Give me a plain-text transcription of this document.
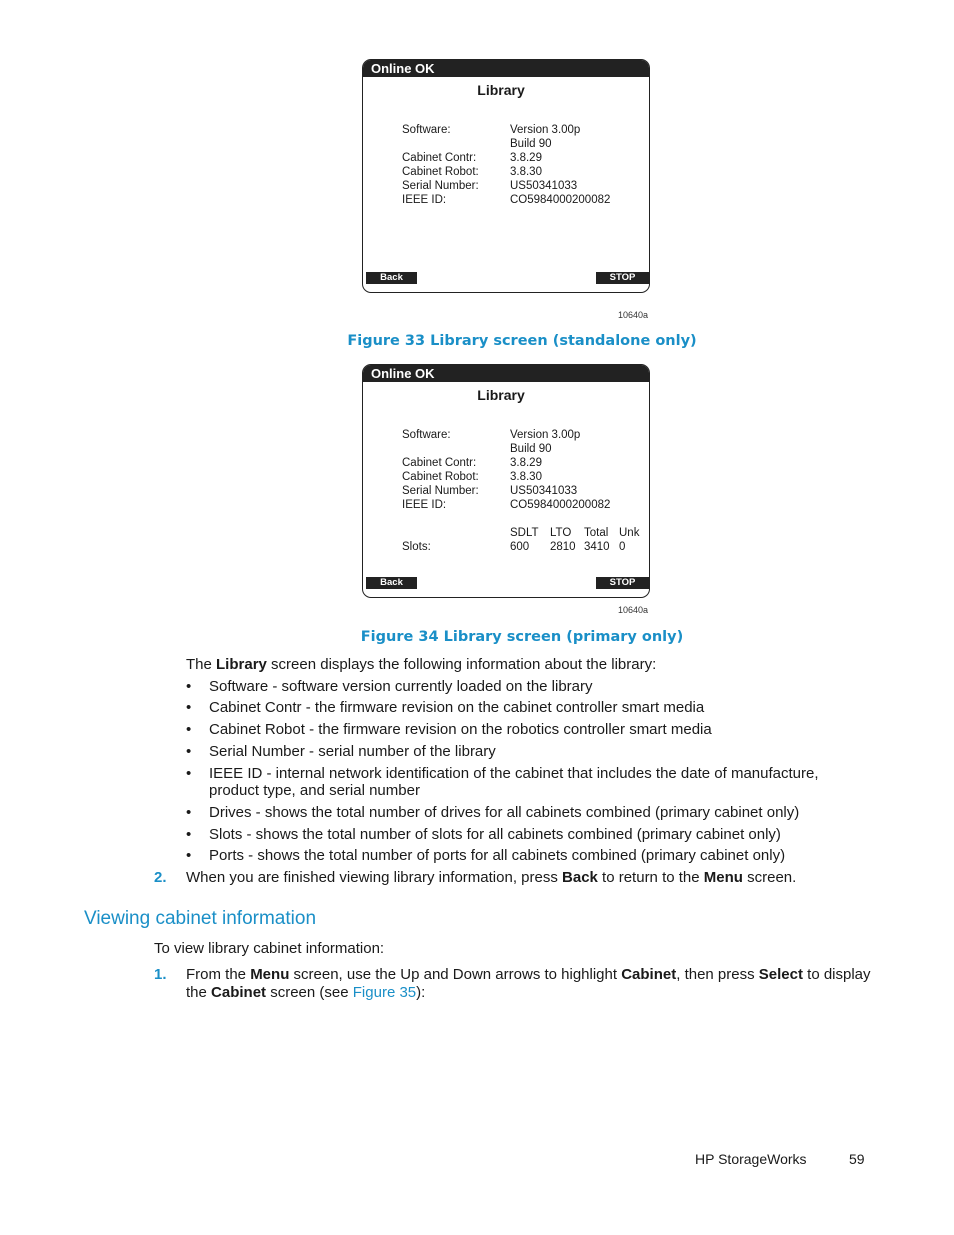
Online OK
Library
Software:	Version 3.00p
Build 90
Cabinet Contr:	3.8.29
Cabinet Robot:	3.8.30
Serial Number:	US50341033
IEEE ID:	CO5984000200082
Back	STOP
10640a
Figure 33 Library screen (standalone only)
Online OK
Library
Software:	Version 3.00p
Build 90
Cabinet Contr:	3.8.29
Cabinet Robot:	3.8.30
Serial Number:	US50341033
IEEE ID:	CO5984000200082
SDLT LTO Total Unk
Slots:	600 2810 3410 0
Back	STOP
10640a
Figure 34 Library screen (primary only)
The Library screen displays the following information about the library:
• Software - software version currently loaded on the library
• Cabinet Contr - the firmware revision on the cabinet controller smart media
• Cabinet Robot - the firmware revision on the robotics controller smart media
• Serial Number - serial number of the library
• IEEE ID - internal network identification of the cabinet that includes the date of manufacture,
product type, and serial number
• Drives - shows the total number of drives for all cabinets combined (primary cabinet only)
• Slots - shows the total number of slots for all cabinets combined (primary cabinet only)
• Ports - shows the total number of ports for all cabinets combined (primary cabinet only)
2. When you are finished viewing library information, press Back to return to the Menu screen.
Viewing cabinet information
To view library cabinet information:
1. From the Menu screen, use the Up and Down arrows to highlight Cabinet, then press Select to display
the Cabinet screen (see Figure 35):
HP StorageWorks	59
